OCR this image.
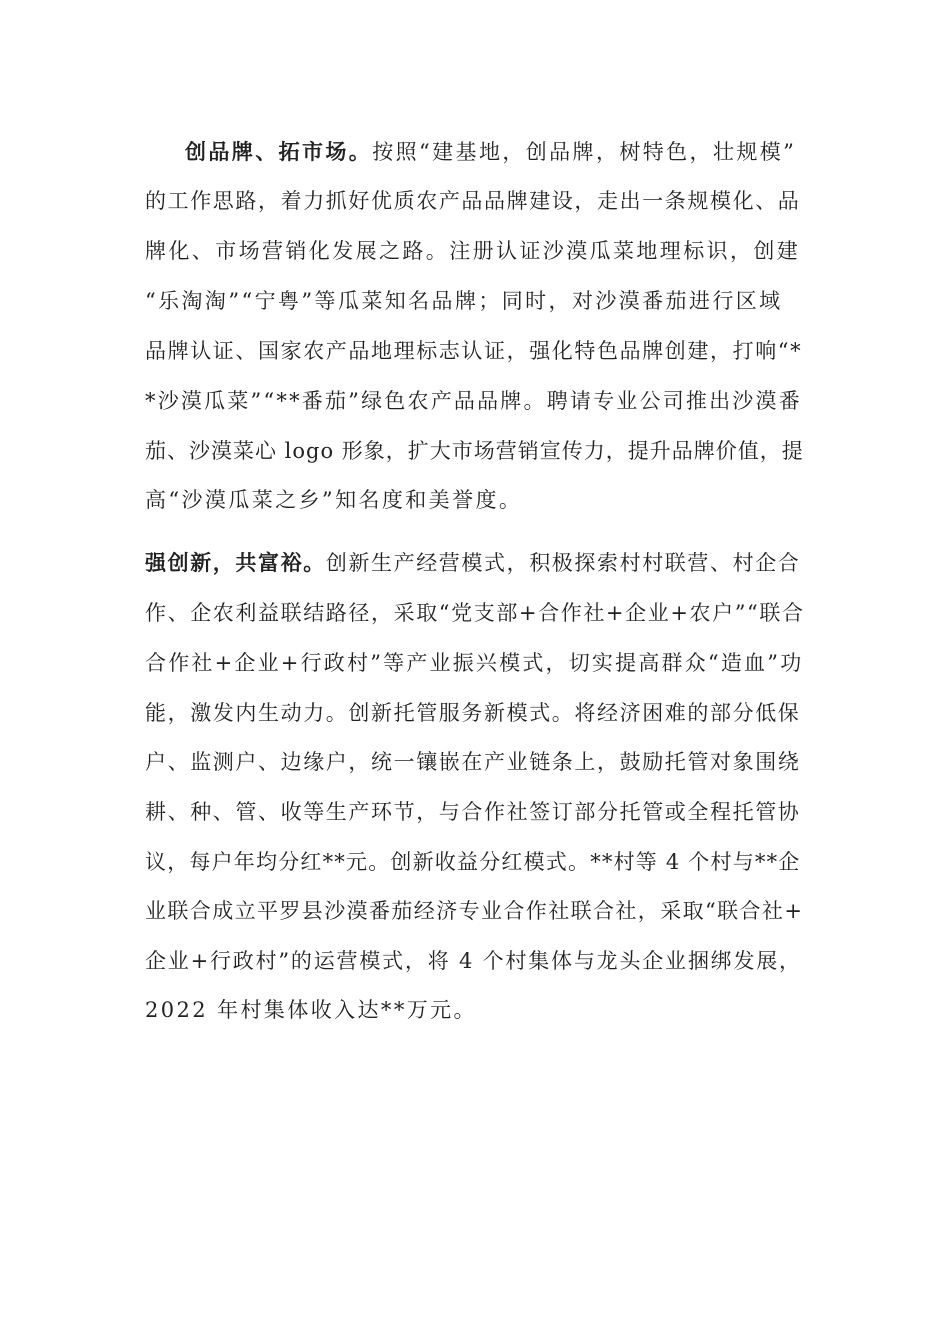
创品牌、拓市场。按照“建基地，创品牌，树特色，壮规模”
的工作思路，着力抓好优质农产品品牌建设，走出一条规模化、品
牌化、市场营销化发展之路。注册认证沙漠瓜菜地理标识，创建
“乐淘淘”“宁粤”等瓜菜知名品牌；同时，对沙漠番茄进行区域
品牌认证、国家农产品地理标志认证，强化特色品牌创建，打响“*
*沙漠瓜菜”“**番茄”绿色农产品品牌。聘请专业公司推出沙漠番
茄、沙漠菜心 logo 形象，扩大市场营销宣传力，提升品牌价值，提
高“沙漠瓜菜之乡”知名度和美誉度。
强创新，共富裕。创新生产经营模式，积极探索村村联营、村企合
作、企农利益联结路径，采取“党支部+合作社+企业+农户”“联合
合作社+企业+行政村”等产业振兴模式，切实提高群众“造血”功
能，激发内生动力。创新托管服务新模式。将经济困难的部分低保
户、监测户、边缘户，统一镶嵌在产业链条上，鼓励托管对象围绕
耕、种、管、收等生产环节，与合作社签订部分托管或全程托管协
议，每户年均分红**元。创新收益分红模式。**村等 4 个村与**企
业联合成立平罗县沙漠番茄经济专业合作社联合社，采取“联合社+
企业+行政村”的运营模式，将 4 个村集体与龙头企业捆绑发展，
2022 年村集体收入达**万元。
